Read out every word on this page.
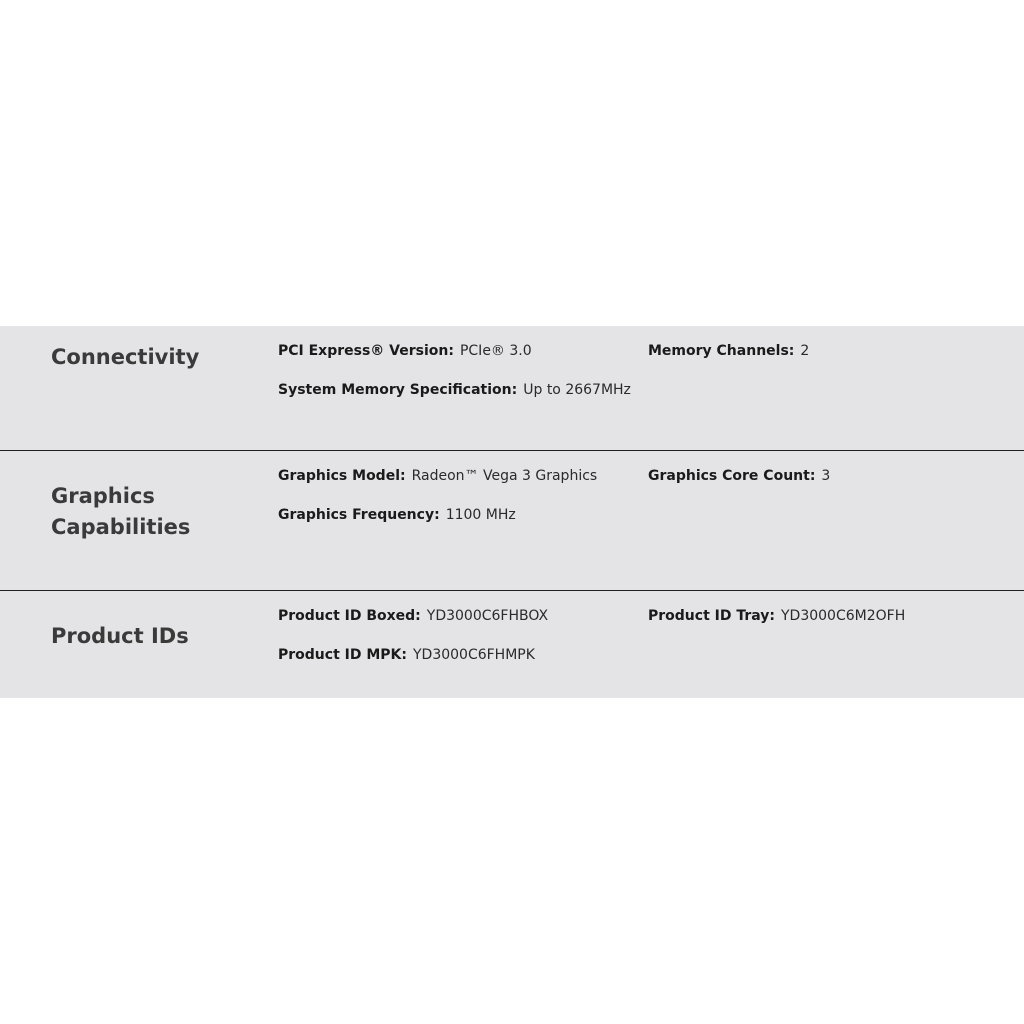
Connectivity	PCI Express® Version: PCIe® 3.0	Memory Channels: 2
System Memory Specification: Up to 2667MHz
Graphics Capabilities
Graphics Model: Radeon™ Vega 3 Graphics	Graphics Core Count: 3
Graphics Frequency: 1100 MHz
Product IDs
Product ID Boxed: YD3000C6FHBOX	Product ID Tray: YD3000C6M2OFH
Product ID MPK: YD3000C6FHMPK
